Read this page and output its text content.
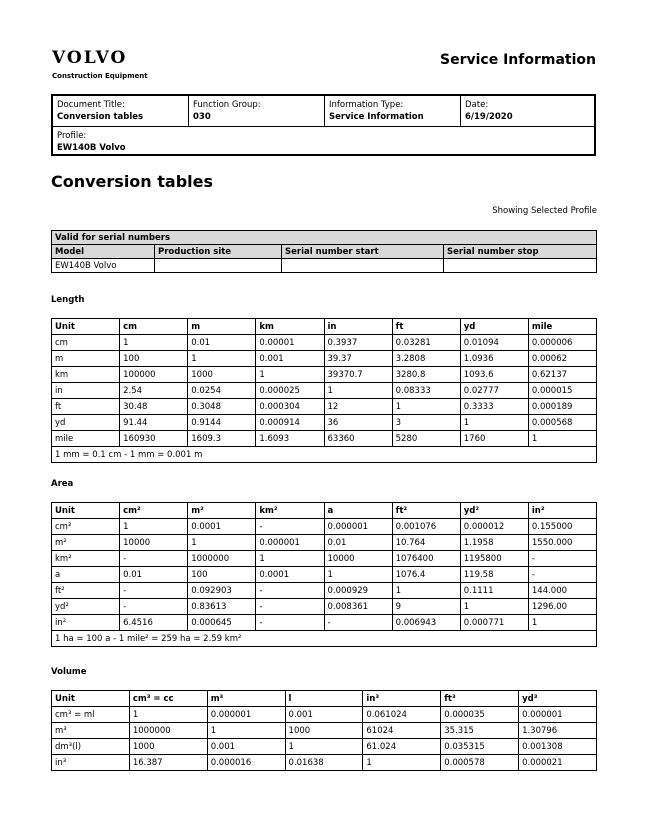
VOLVO
Construction Equipment
Service Information
Document Title:
Conversion tables
Function Group:
030
Information Type:
Service Information
Date:
6/19/2020
Profile:
EW140B Volvo
Conversion tables
Showing Selected Profile
Valid for serial numbers			
Model	Production site	Serial number start	Serial number stop
EW140B Volvo			
Length
Unit	cm	m	km	in	ft	yd	mile
cm	1	0.01	0.00001	0.3937	0.03281	0.01094	0.000006
m	100	1	0.001	39.37	3.2808	1.0936	0.00062
km	100000	1000	1	39370.7	3280.8	1093.6	0.62137
in	2.54	0.0254	0.000025	1	0.08333	0.02777	0.000015
ft	30.48	0.3048	0.000304	12	1	0.3333	0.000189
yd	91.44	0.9144	0.000914	36	3	1	0.000568
mile	160930	1609.3	1.6093	63360	5280	1760	1
1 mm = 0.1 cm - 1 mm = 0.001 m							
Area
Unit	cm²	m²	km²	a	ft²	yd²	in²
cm²	1	0.0001	-	0.000001	0.001076	0.000012	0.155000
m²	10000	1	0.000001	0.01	10.764	1.1958	1550.000
km²	-	1000000	1	10000	1076400	1195800	-
a	0.01	100	0.0001	1	1076.4	119.58	-
ft²	-	0.092903	-	0.000929	1	0.1111	144.000
yd²	-	0.83613	-	0.008361	9	1	1296.00
in²	6.4516	0.000645	-	-	0.006943	0.000771	1
1 ha = 100 a - 1 mile² = 259 ha = 2.59 km²							
Volume
Unit	cm³ = cc	m³	l	in³	ft³	yd³
cm³ = ml	1	0.000001	0.001	0.061024	0.000035	0.000001
m³	1000000	1	1000	61024	35.315	1.30796
dm³(l)	1000	0.001	1	61.024	0.035315	0.001308
in³	16.387	0.000016	0.01638	1	0.000578	0.000021
